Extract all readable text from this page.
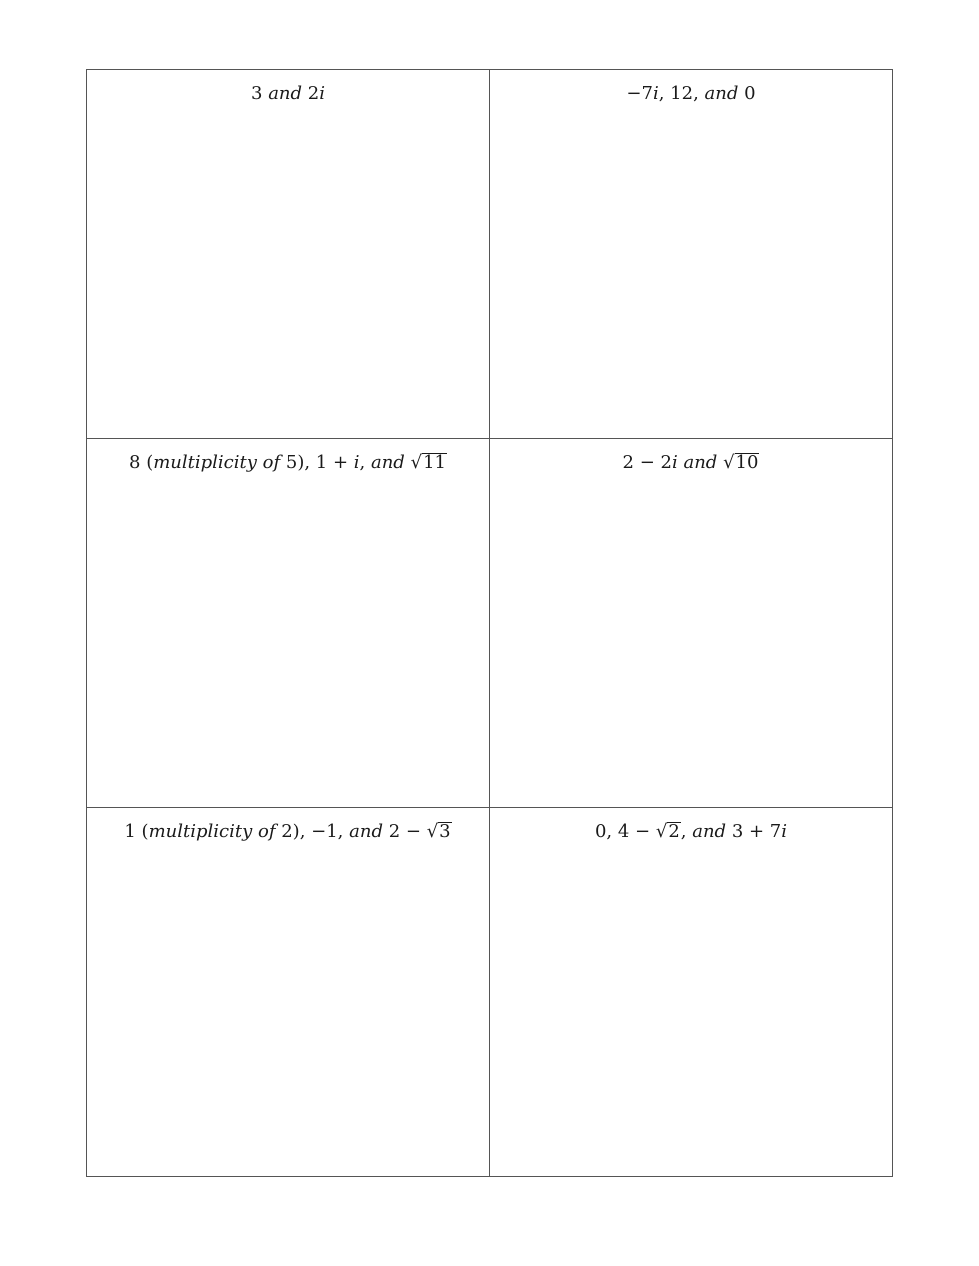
3 and 2i	−7i, 12, and 0

8 (multiplicity of 5), 1 + i, and √11	2 − 2i and √10

1 (multiplicity of 2), −1, and 2 − √3	0, 4 − √2, and 3 + 7i
